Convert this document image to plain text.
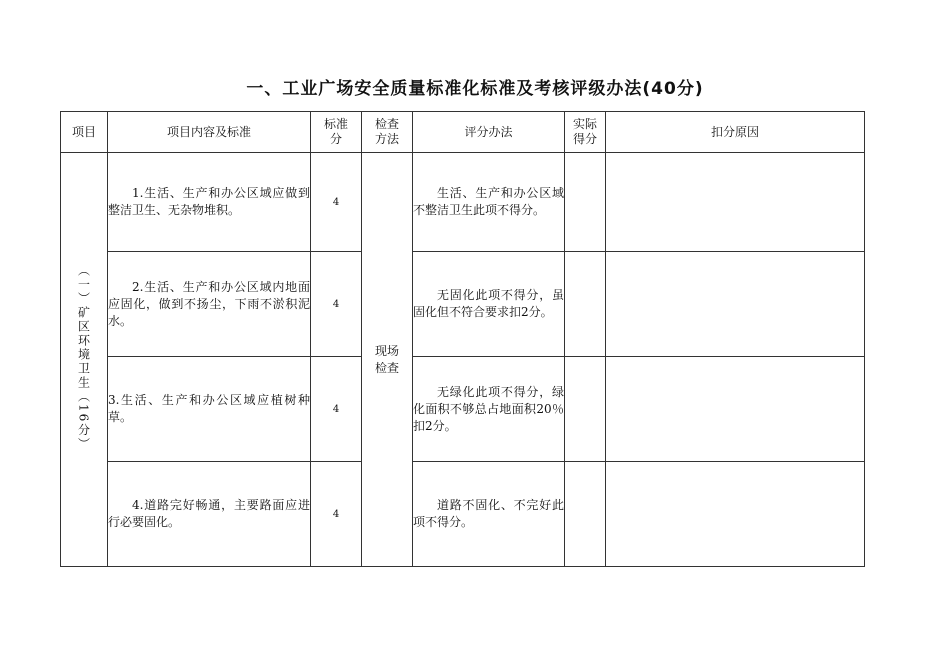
一、工业广场安全质量标准化标准及考核评级办法(40分)
项目	项目内容及标准	标准分	检查方法	评分办法	实际得分	扣分原因
（一）矿区环境卫生（16分）	1.生活、生产和办公区域应做到整洁卫生、无杂物堆积。	4	现场检查	生活、生产和办公区域不整洁卫生此项不得分。		

	2.生活、生产和办公区域内地面应固化，做到不扬尘，下雨不淤积泥水。	4		无固化此项不得分，虽固化但不符合要求扣2分。		

	3.生活、生产和办公区域应植树种草。	4		无绿化此项不得分，绿化面积不够总占地面积20％扣2分。		

	4.道路完好畅通，主要路面应进行必要固化。	4		道路不固化、不完好此项不得分。		
